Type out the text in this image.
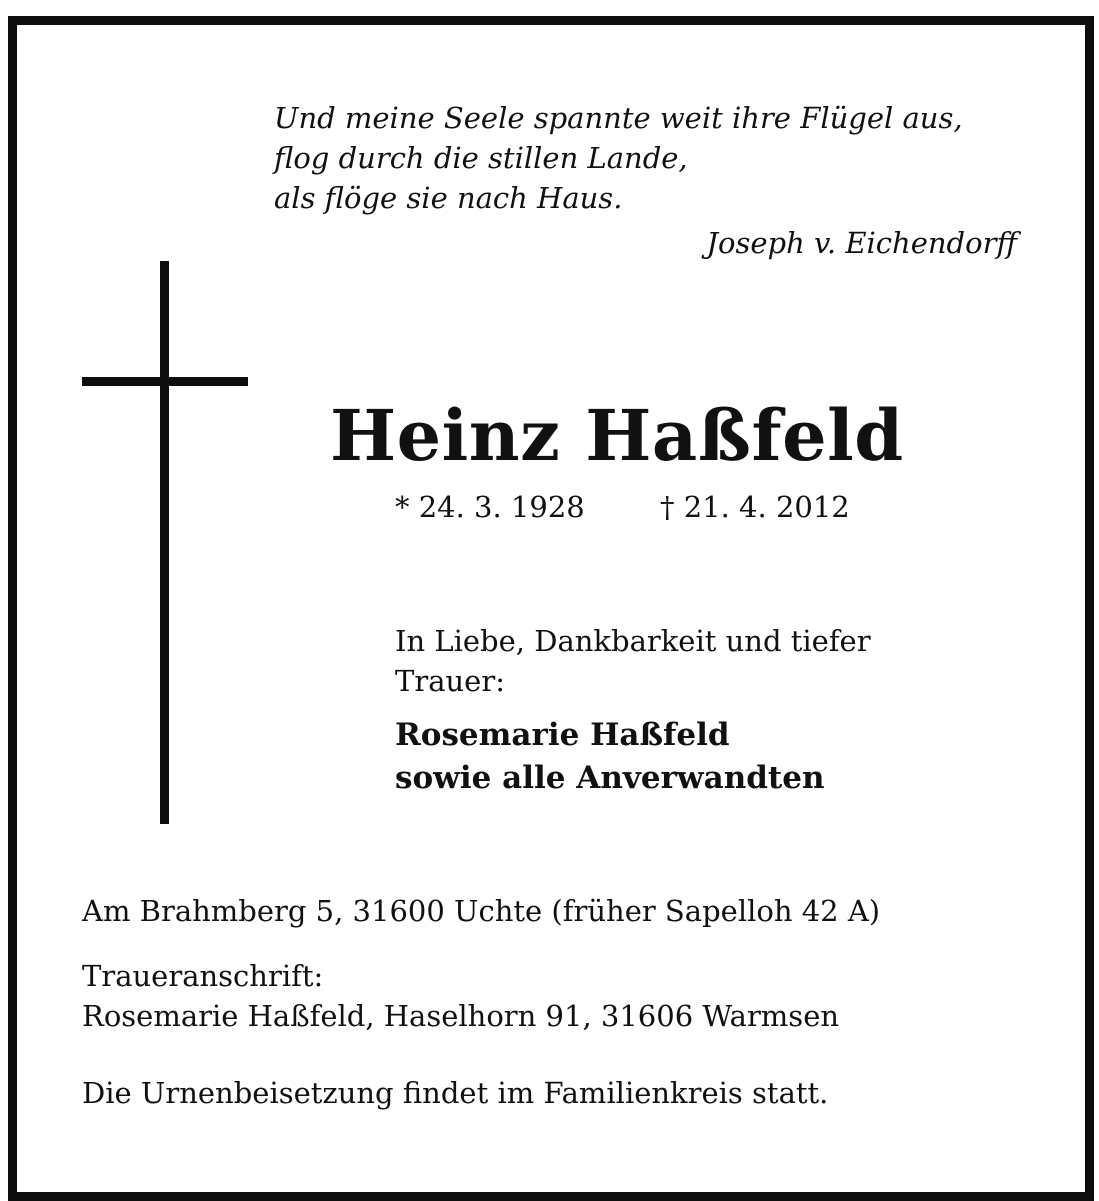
Und meine Seele spannte weit ihre Flügel aus,
flog durch die stillen Lande,
als flöge sie nach Haus.
Joseph v. Eichendorff
Heinz Haßfeld
* 24. 3. 1928	† 21. 4. 2012
In Liebe, Dankbarkeit und tiefer
Trauer:
Rosemarie Haßfeld
sowie alle Anverwandten
Am Brahmberg 5, 31600 Uchte (früher Sapelloh 42 A)
Traueranschrift:
Rosemarie Haßfeld, Haselhorn 91, 31606 Warmsen
Die Urnenbeisetzung findet im Familienkreis statt.
